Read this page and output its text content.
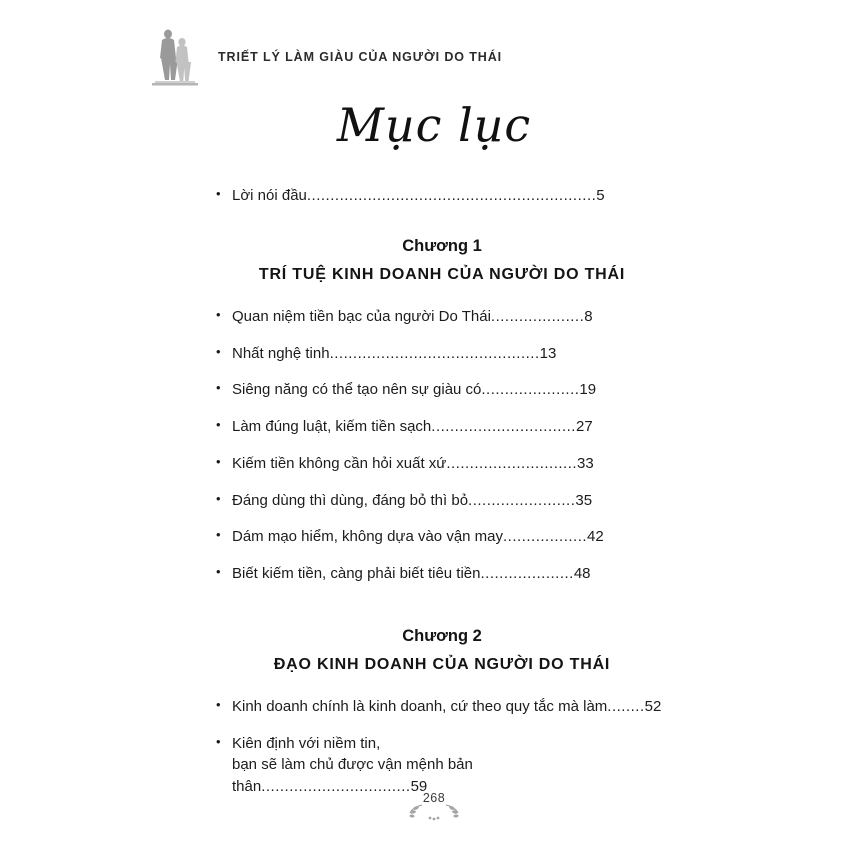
TRIẾT LÝ LÀM GIÀU CỦA NGƯỜI DO THÁI
Mục lục
• Lời nói đầu..............................................................5
Chương 1
TRÍ TUỆ KINH DOANH CỦA NGƯỜI DO THÁI
• Quan niệm tiền bạc của người Do Thái....................8
• Nhất nghệ tinh.............................................13
• Siêng năng có thể tạo nên sự giàu có.....................19
• Làm đúng luật, kiếm tiền sạch...............................27
• Kiếm tiền không cần hỏi xuất xứ............................33
• Đáng dùng thì dùng, đáng bỏ thì bỏ.......................35
• Dám mạo hiểm, không dựa vào vận may..................42
• Biết kiếm tiền, càng phải biết tiêu tiền....................48
Chương 2
ĐẠO KINH DOANH CỦA NGƯỜI DO THÁI
• Kinh doanh chính là kinh doanh, cứ theo quy tắc mà làm........52
• Kiên định với niềm tin,

bạn sẽ làm chủ được vận mệnh bản thân................................59
268
